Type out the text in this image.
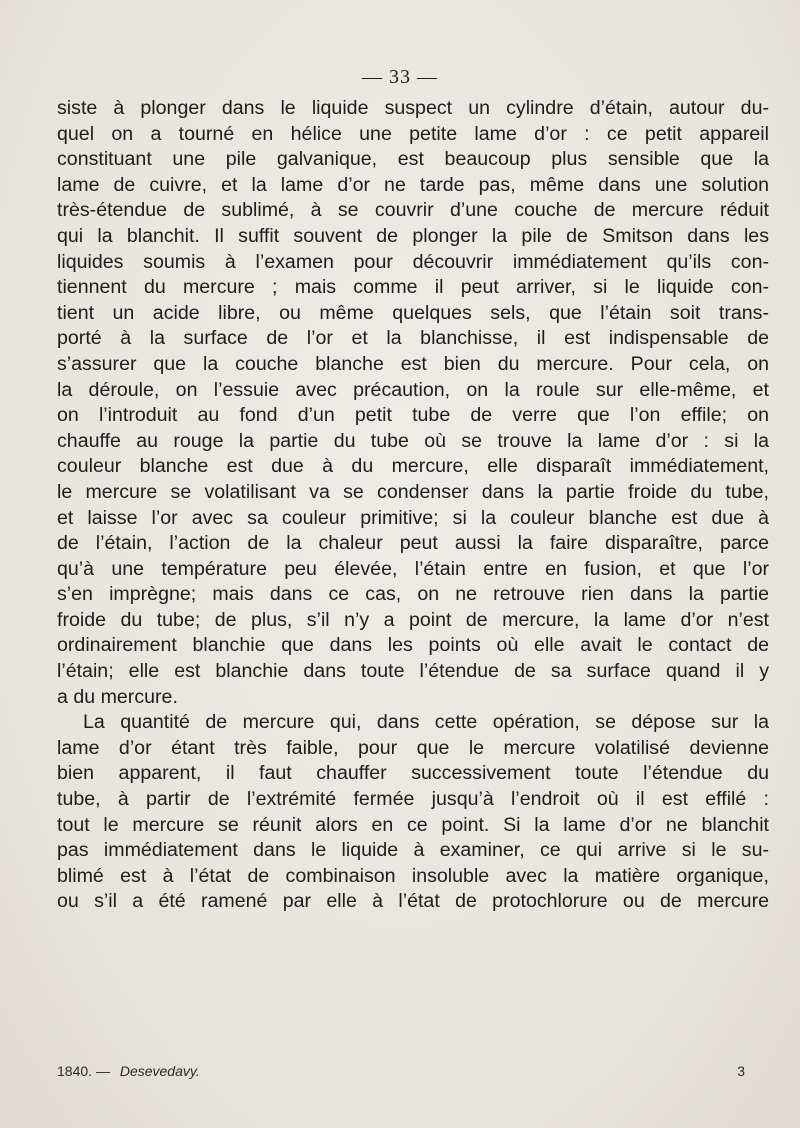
— 33 —
siste à plonger dans le liquide suspect un cylindre d’étain, autour du-
quel on a tourné en hélice une petite lame d’or : ce petit appareil
constituant une pile galvanique, est beaucoup plus sensible que la
lame de cuivre, et la lame d’or ne tarde pas, même dans une solution
très-étendue de sublimé, à se couvrir d’une couche de mercure réduit
qui la blanchit. Il suffit souvent de plonger la pile de Smitson dans les
liquides soumis à l’examen pour découvrir immédiatement qu’ils con-
tiennent du mercure ; mais comme il peut arriver, si le liquide con-
tient un acide libre, ou même quelques sels, que l’étain soit trans-
porté à la surface de l’or et la blanchisse, il est indispensable de
s’assurer que la couche blanche est bien du mercure. Pour cela, on
la déroule, on l’essuie avec précaution, on la roule sur elle-même, et
on l’introduit au fond d’un petit tube de verre que l’on effile; on
chauffe au rouge la partie du tube où se trouve la lame d’or : si la
couleur blanche est due à du mercure, elle disparaît immédiatement,
le mercure se volatilisant va se condenser dans la partie froide du tube,
et laisse l’or avec sa couleur primitive; si la couleur blanche est due à
de l’étain, l’action de la chaleur peut aussi la faire disparaître, parce
qu’à une température peu élevée, l’étain entre en fusion, et que l’or
s’en imprègne; mais dans ce cas, on ne retrouve rien dans la partie
froide du tube; de plus, s’il n’y a point de mercure, la lame d’or n’est
ordinairement blanchie que dans les points où elle avait le contact de
l’étain; elle est blanchie dans toute l’étendue de sa surface quand il y
a du mercure.
La quantité de mercure qui, dans cette opération, se dépose sur la
lame d’or étant très faible, pour que le mercure volatilisé devienne
bien apparent, il faut chauffer successivement toute l’étendue du
tube, à partir de l’extrémité fermée jusqu’à l’endroit où il est effilé :
tout le mercure se réunit alors en ce point. Si la lame d’or ne blanchit
pas immédiatement dans le liquide à examiner, ce qui arrive si le su-
blimé est à l’état de combinaison insoluble avec la matière organique,
ou s’il a été ramené par elle à l’état de protochlorure ou de mercure
1840. — Desevedavy.	3
